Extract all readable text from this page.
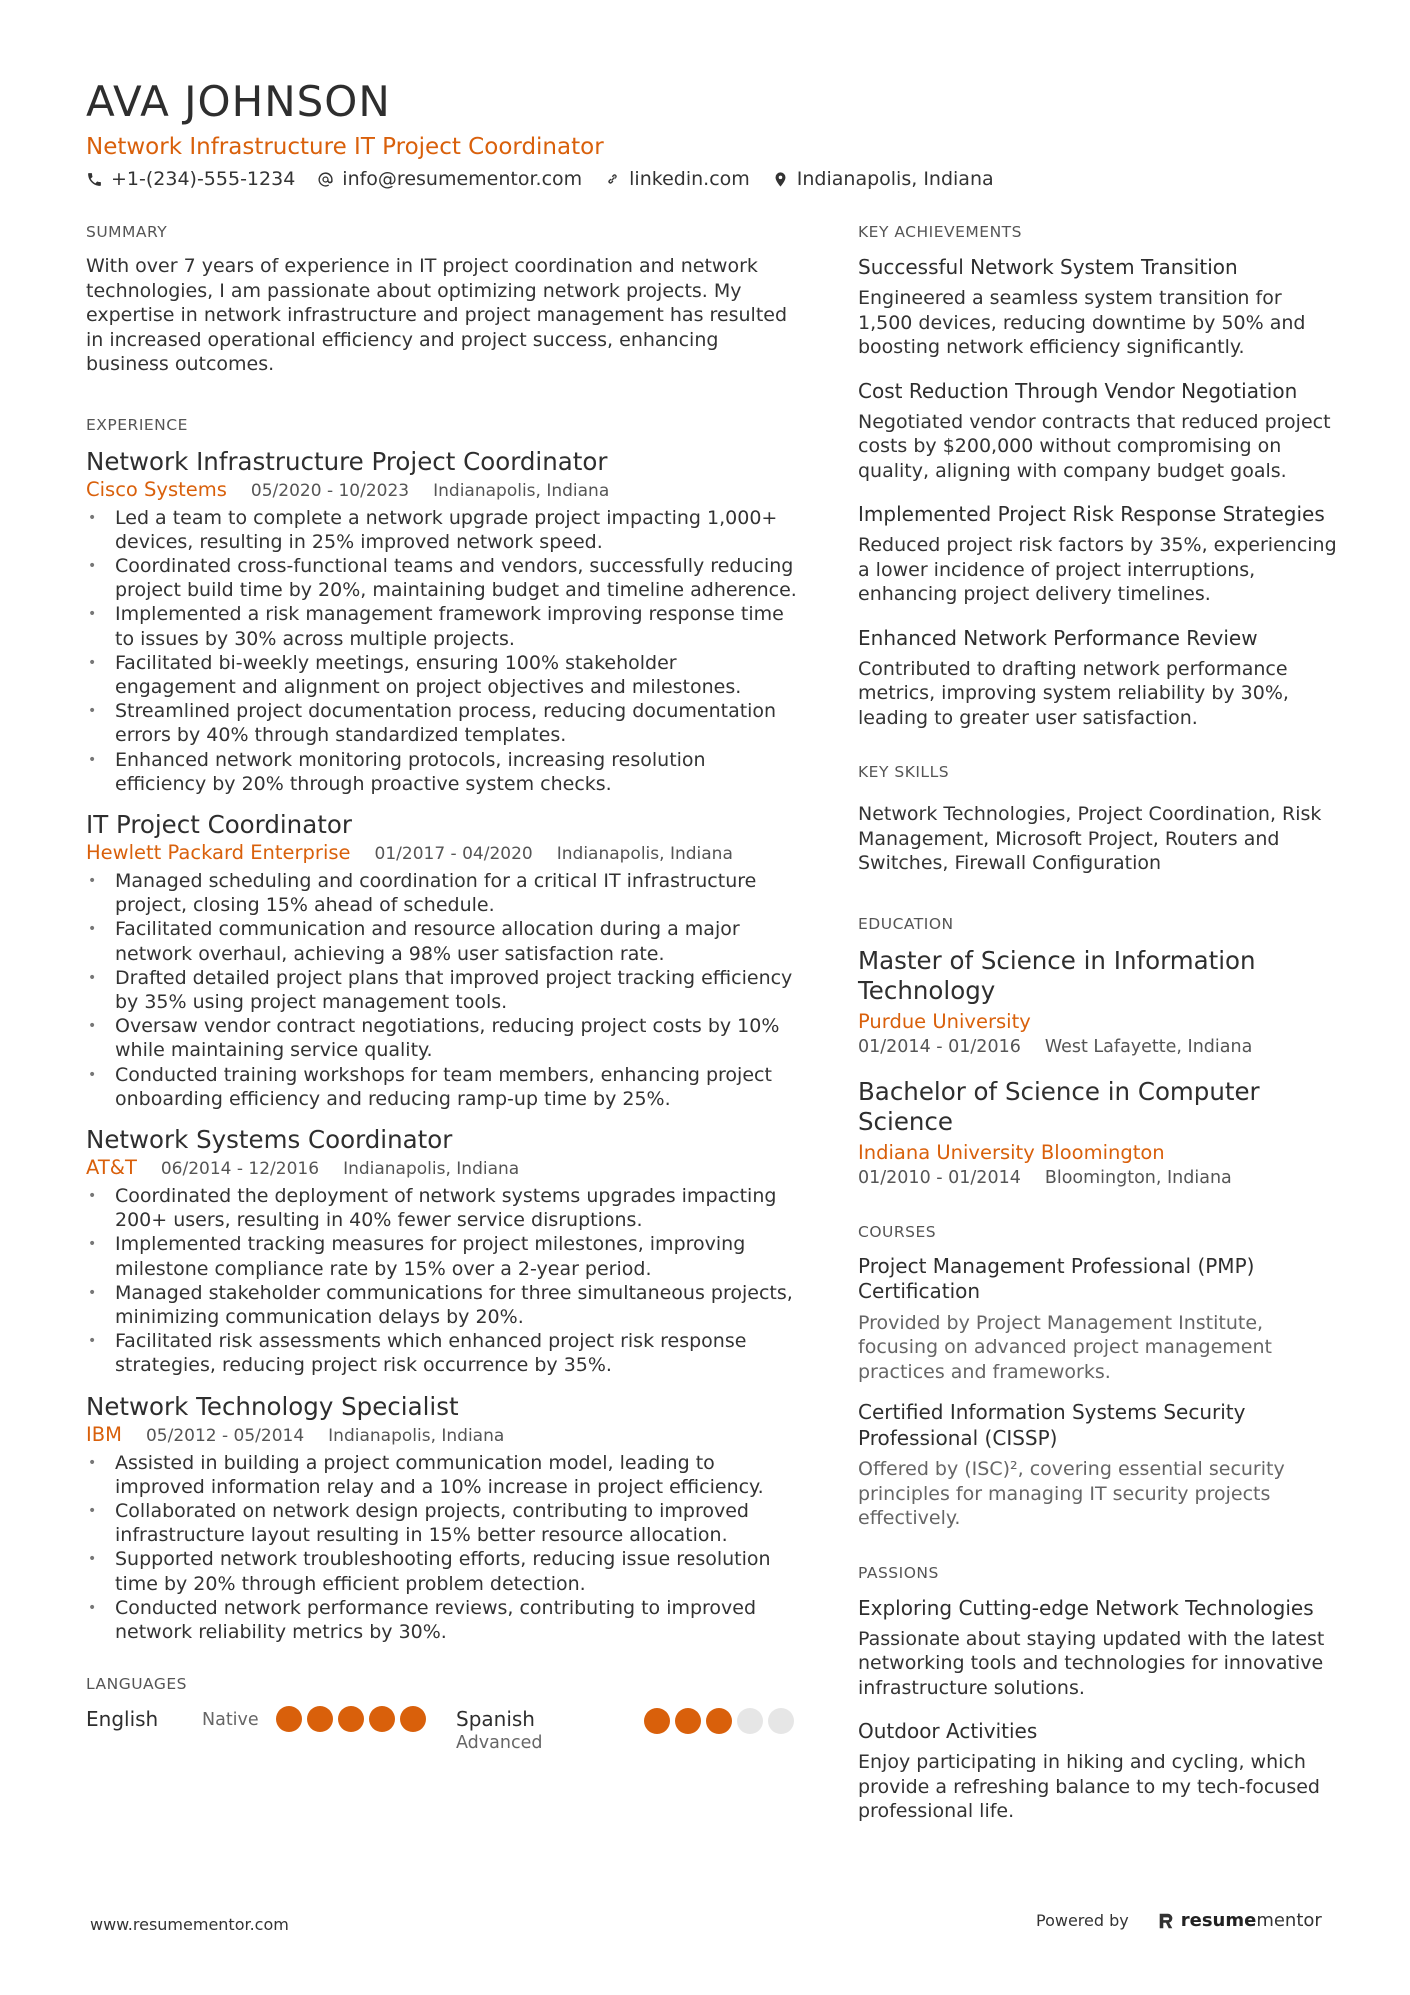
AVA JOHNSON
Network Infrastructure IT Project Coordinator
+1-(234)-555-1234 info@resumementor.com linkedin.com Indianapolis, Indiana
SUMMARY

With over 7 years of experience in IT project coordination and network technologies, I am passionate about optimizing network projects. My expertise in network infrastructure and project management has resulted in increased operational efficiency and project success, enhancing business outcomes.

EXPERIENCE
Network Infrastructure Project Coordinator
Cisco Systems 05/2020 - 10/2023 Indianapolis, Indiana
• Led a team to complete a network upgrade project impacting 1,000+ devices, resulting in 25% improved network speed.
• Coordinated cross-functional teams and vendors, successfully reducing project build time by 20%, maintaining budget and timeline adherence.
• Implemented a risk management framework improving response time to issues by 30% across multiple projects.
• Facilitated bi-weekly meetings, ensuring 100% stakeholder engagement and alignment on project objectives and milestones.
• Streamlined project documentation process, reducing documentation errors by 40% through standardized templates.
• Enhanced network monitoring protocols, increasing resolution efficiency by 20% through proactive system checks.
IT Project Coordinator
Hewlett Packard Enterprise 01/2017 - 04/2020 Indianapolis, Indiana
• Managed scheduling and coordination for a critical IT infrastructure project, closing 15% ahead of schedule.
• Facilitated communication and resource allocation during a major network overhaul, achieving a 98% user satisfaction rate.
• Drafted detailed project plans that improved project tracking efficiency by 35% using project management tools.
• Oversaw vendor contract negotiations, reducing project costs by 10% while maintaining service quality.
• Conducted training workshops for team members, enhancing project onboarding efficiency and reducing ramp-up time by 25%.
Network Systems Coordinator
AT&T 06/2014 - 12/2016 Indianapolis, Indiana
• Coordinated the deployment of network systems upgrades impacting 200+ users, resulting in 40% fewer service disruptions.
• Implemented tracking measures for project milestones, improving milestone compliance rate by 15% over a 2-year period.
• Managed stakeholder communications for three simultaneous projects, minimizing communication delays by 20%.
• Facilitated risk assessments which enhanced project risk response strategies, reducing project risk occurrence by 35%.
Network Technology Specialist
IBM 05/2012 - 05/2014 Indianapolis, Indiana
• Assisted in building a project communication model, leading to improved information relay and a 10% increase in project efficiency.
• Collaborated on network design projects, contributing to improved infrastructure layout resulting in 15% better resource allocation.
• Supported network troubleshooting efforts, reducing issue resolution time by 20% through efficient problem detection.
• Conducted network performance reviews, contributing to improved network reliability metrics by 30%.
LANGUAGES
English	Native	Spanish
Advanced
KEY ACHIEVEMENTS
Successful Network System Transition
Engineered a seamless system transition for 1,500 devices, reducing downtime by 50% and boosting network efficiency significantly.
Cost Reduction Through Vendor Negotiation
Negotiated vendor contracts that reduced project costs by $200,000 without compromising on quality, aligning with company budget goals.
Implemented Project Risk Response Strategies
Reduced project risk factors by 35%, experiencing a lower incidence of project interruptions, enhancing project delivery timelines.
Enhanced Network Performance Review
Contributed to drafting network performance metrics, improving system reliability by 30%, leading to greater user satisfaction.
KEY SKILLS
Network Technologies, Project Coordination, Risk Management, Microsoft Project, Routers and Switches, Firewall Configuration
EDUCATION
Master of Science in Information Technology
Purdue University
01/2014 - 01/2016 West Lafayette, Indiana
Bachelor of Science in Computer Science
Indiana University Bloomington
01/2010 - 01/2014 Bloomington, Indiana
COURSES
Project Management Professional (PMP) Certification
Provided by Project Management Institute, focusing on advanced project management practices and frameworks.
Certified Information Systems Security Professional (CISSP)
Offered by (ISC)², covering essential security principles for managing IT security projects effectively.
PASSIONS
Exploring Cutting-edge Network Technologies
Passionate about staying updated with the latest networking tools and technologies for innovative infrastructure solutions.
Outdoor Activities
Enjoy participating in hiking and cycling, which provide a refreshing balance to my tech-focused professional life.
www.resumementor.com	Powered by	resumementor
